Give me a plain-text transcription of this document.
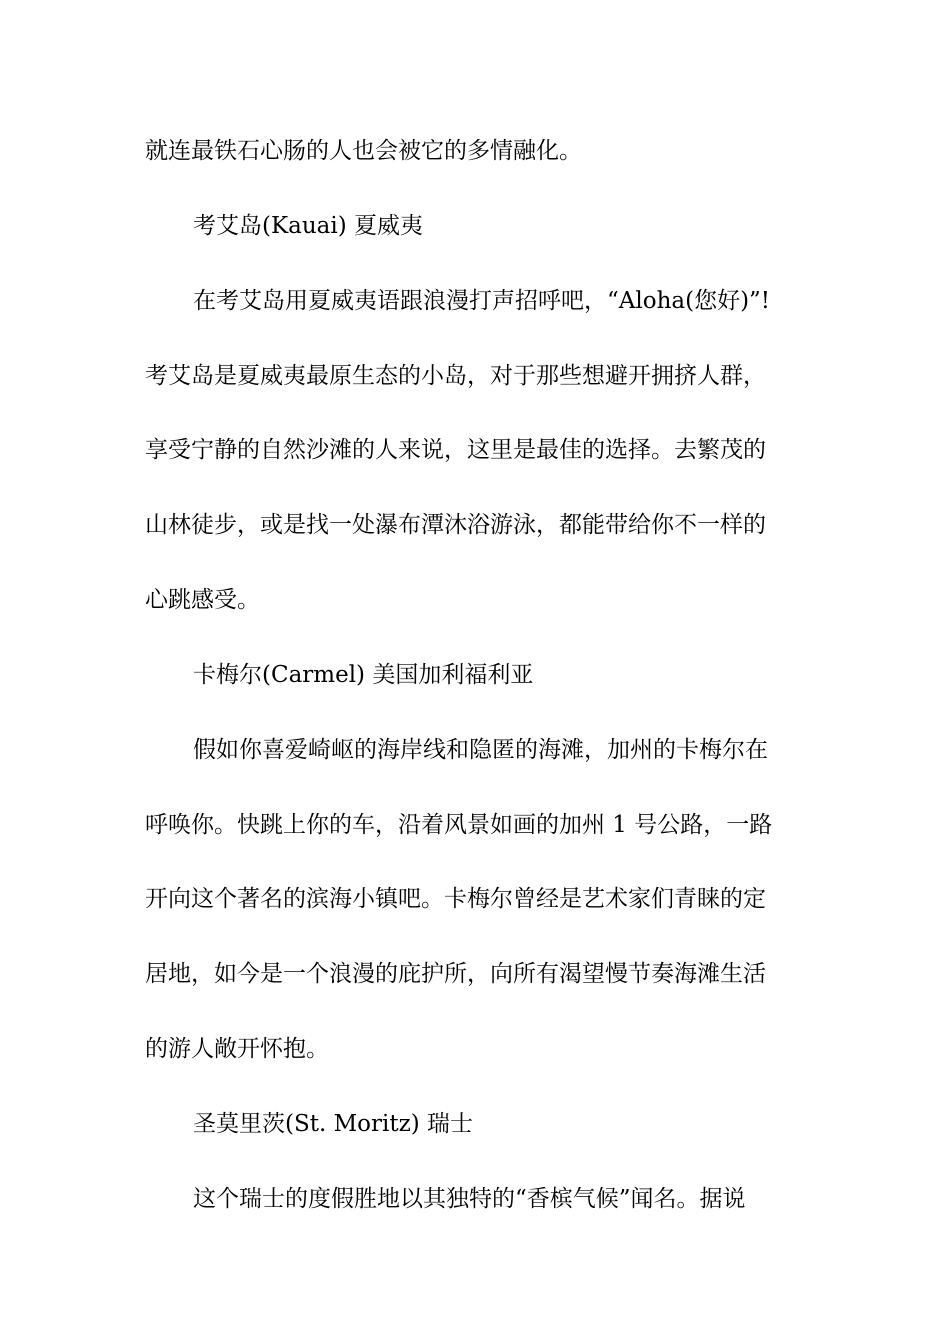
就连最铁石心肠的人也会被它的多情融化。
考艾岛(Kauai) 夏威夷
在考艾岛用夏威夷语跟浪漫打声招呼吧，“Aloha(您好)”!
考艾岛是夏威夷最原生态的小岛，对于那些想避开拥挤人群，
享受宁静的自然沙滩的人来说，这里是最佳的选择。去繁茂的
山林徒步，或是找一处瀑布潭沐浴游泳，都能带给你不一样的
心跳感受。
卡梅尔(Carmel) 美国加利福利亚
假如你喜爱崎岖的海岸线和隐匿的海滩，加州的卡梅尔在
呼唤你。快跳上你的车，沿着风景如画的加州 1 号公路，一路
开向这个著名的滨海小镇吧。卡梅尔曾经是艺术家们青睐的定
居地，如今是一个浪漫的庇护所，向所有渴望慢节奏海滩生活
的游人敞开怀抱。
圣莫里茨(St. Moritz) 瑞士
这个瑞士的度假胜地以其独特的“香槟气候”闻名。据说
